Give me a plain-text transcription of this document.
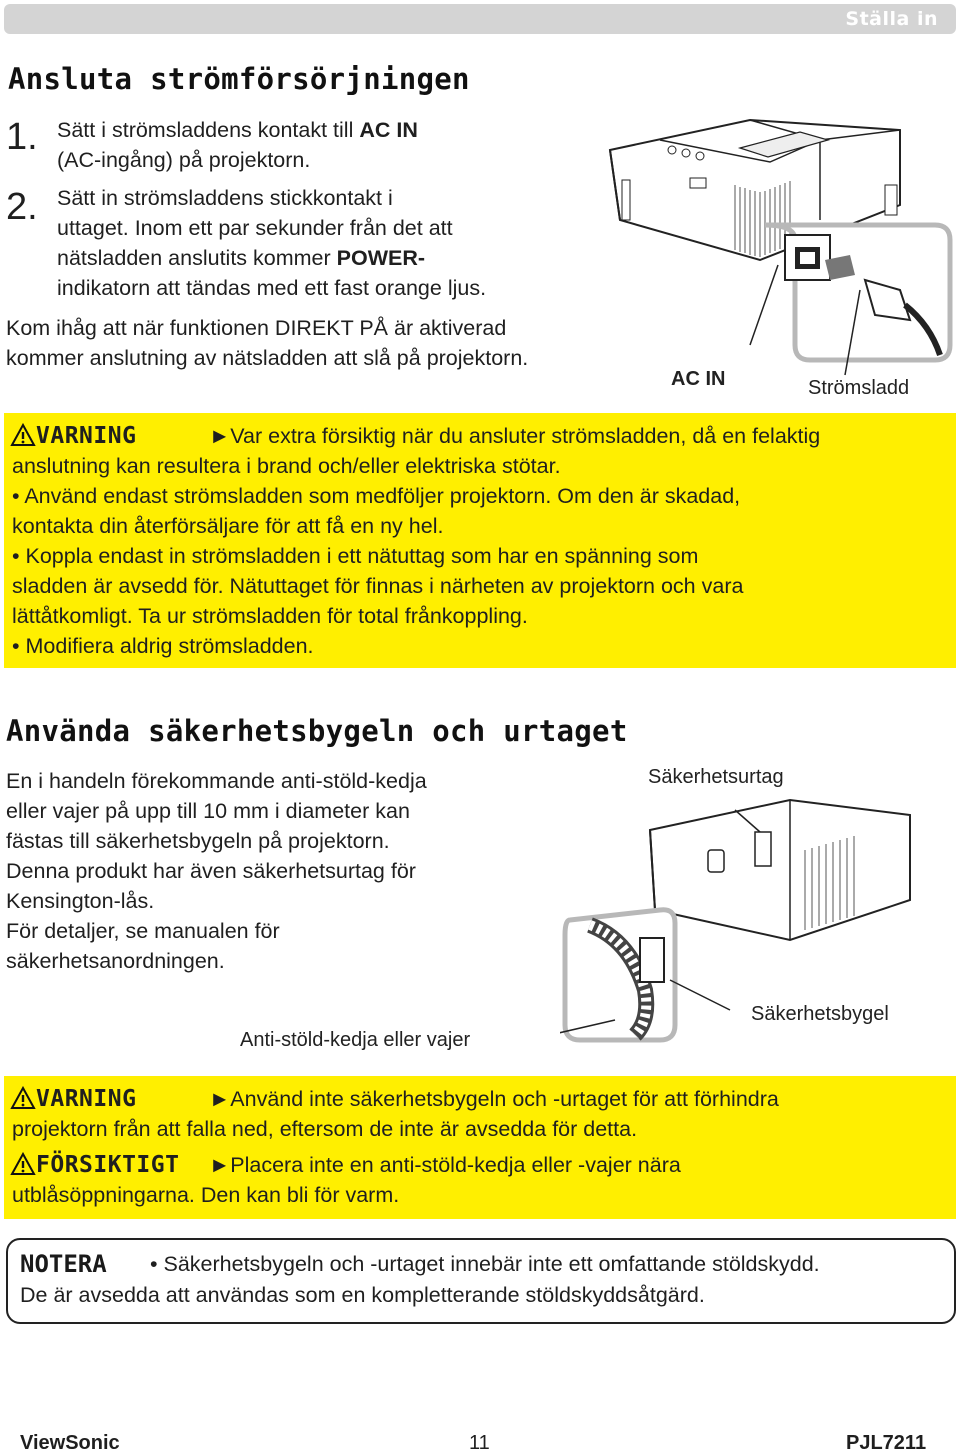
Ställa in
Ansluta strömförsörjningen
1. Sätt i strömsladdens kontakt till AC IN
(AC-ingång) på projektorn.
2. Sätt in strömsladdens stickkontakt i
uttaget. Inom ett par sekunder från det att
nätsladden anslutits kommer POWER-
indikatorn att tändas med ett fast orange ljus.
Kom ihåg att när funktionen DIREKT PÅ är aktiverad
kommer anslutning av nätsladden att slå på projektorn.
AC IN	Strömsladd
VARNING	►Var extra försiktig när du ansluter strömsladden, då en felaktig
anslutning kan resultera i brand och/eller elektriska stötar.
• Använd endast strömsladden som medföljer projektorn. Om den är skadad,
kontakta din återförsäljare för att få en ny hel.
• Koppla endast in strömsladden i ett nätuttag som har en spänning som
sladden är avsedd för. Nätuttaget för finnas i närheten av projektorn och vara
lättåtkomligt. Ta ur strömsladden för total frånkoppling.
• Modifiera aldrig strömsladden.
Använda säkerhetsbygeln och urtaget
En i handeln förekommande anti-stöld-kedja
eller vajer på upp till 10 mm i diameter kan
fästas till säkerhetsbygeln på projektorn.
Denna produkt har även säkerhetsurtag för
Kensington-lås.
För detaljer, se manualen för
säkerhetsanordningen.
Säkerhetsurtag
Säkerhetsbygel
Anti-stöld-kedja eller vajer
VARNING	►Använd inte säkerhetsbygeln och -urtaget för att förhindra
projektorn från att falla ned, eftersom de inte är avsedda för detta.
FÖRSIKTIGT ►Placera inte en anti-stöld-kedja eller -vajer nära
utblåsöppningarna. Den kan bli för varm.
NOTERA • Säkerhetsbygeln och -urtaget innebär inte ett omfattande stöldskydd.
De är avsedda att användas som en kompletterande stöldskyddsåtgärd.
ViewSonic	11	PJL7211
